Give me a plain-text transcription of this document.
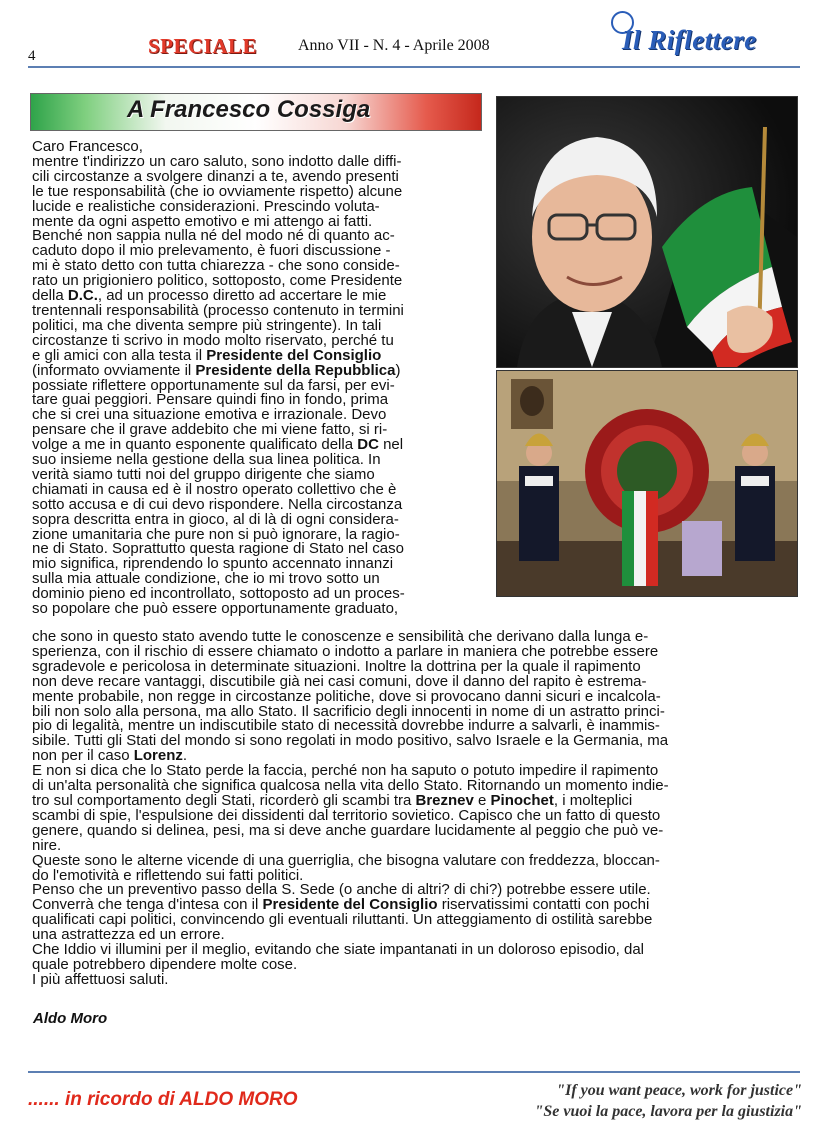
4	SPECIALE	Anno VII - N. 4 - Aprile 2008	Il Riflettere
A Francesco Cossiga
Caro Francesco,
mentre t'indirizzo un caro saluto, sono indotto dalle diffi-
cili circostanze a svolgere dinanzi a te, avendo presenti
le tue responsabilità (che io ovviamente rispetto) alcune
lucide e realistiche considerazioni. Prescindo voluta-
mente da ogni aspetto emotivo e mi attengo ai fatti.
Benché non sappia nulla né del modo né di quanto ac-
caduto dopo il mio prelevamento, è fuori discussione -
mi è stato detto con tutta chiarezza - che sono conside-
rato un prigioniero politico, sottoposto, come Presidente
della D.C., ad un processo diretto ad accertare le mie
trentennali responsabilità (processo contenuto in termini
politici, ma che diventa sempre più stringente). In tali
circostanze ti scrivo in modo molto riservato, perché tu
e gli amici con alla testa il Presidente del Consiglio
(informato ovviamente il Presidente della Repubblica)
possiate riflettere opportunamente sul da farsi, per evi-
tare guai peggiori. Pensare quindi fino in fondo, prima
che si crei una situazione emotiva e irrazionale. Devo
pensare che il grave addebito che mi viene fatto, si ri-
volge a me in quanto esponente qualificato della DC nel
suo insieme nella gestione della sua linea politica. In
verità siamo tutti noi del gruppo dirigente che siamo
chiamati in causa ed è il nostro operato collettivo che è
sotto accusa e di cui devo rispondere. Nella circostanza
sopra descritta entra in gioco, al di là di ogni considera-
zione umanitaria che pure non si può ignorare, la ragio-
ne di Stato. Soprattutto questa ragione di Stato nel caso
mio significa, riprendendo lo spunto accennato innanzi
sulla mia attuale condizione, che io mi trovo sotto un
dominio pieno ed incontrollato, sottoposto ad un proces-
so popolare che può essere opportunamente graduato,
che sono in questo stato avendo tutte le conoscenze e sensibilità che derivano dalla lunga e-
sperienza, con il rischio di essere chiamato o indotto a parlare in maniera che potrebbe essere
sgradevole e pericolosa in determinate situazioni. Inoltre la dottrina per la quale il rapimento
non deve recare vantaggi, discutibile già nei casi comuni, dove il danno del rapito è estrema-
mente probabile, non regge in circostanze politiche, dove si provocano danni sicuri e incalcola-
bili non solo alla persona, ma allo Stato. Il sacrificio degli innocenti in nome di un astratto princi-
pio di legalità, mentre un indiscutibile stato di necessità dovrebbe indurre a salvarli, è inammis-
sibile. Tutti gli Stati del mondo si sono regolati in modo positivo, salvo Israele e la Germania, ma
non per il caso Lorenz.
E non si dica che lo Stato perde la faccia, perché non ha saputo o potuto impedire il rapimento
di un'alta personalità che significa qualcosa nella vita dello Stato. Ritornando un momento indie-
tro sul comportamento degli Stati, ricorderò gli scambi tra Breznev e Pinochet, i molteplici
scambi di spie, l'espulsione dei dissidenti dal territorio sovietico. Capisco che un fatto di questo
genere, quando si delinea, pesi, ma si deve anche guardare lucidamente al peggio che può ve-
nire.
Queste sono le alterne vicende di una guerriglia, che bisogna valutare con freddezza, bloccan-
do l'emotività e riflettendo sui fatti politici.
Penso che un preventivo passo della S. Sede (o anche di altri? di chi?) potrebbe essere utile.
Converrà che tenga d'intesa con il Presidente del Consiglio riservatissimi contatti con pochi
qualificati capi politici, convincendo gli eventuali riluttanti. Un atteggiamento di ostilità sarebbe
una astrattezza ed un errore.
Che Iddio vi illumini per il meglio, evitando che siate impantanati in un doloroso episodio, dal
quale potrebbero dipendere molte cose.
I più affettuosi saluti.
Aldo Moro
...... in ricordo di ALDO MORO	"If you want peace, work for justice"
"Se vuoi la pace, lavora per la giustizia"
